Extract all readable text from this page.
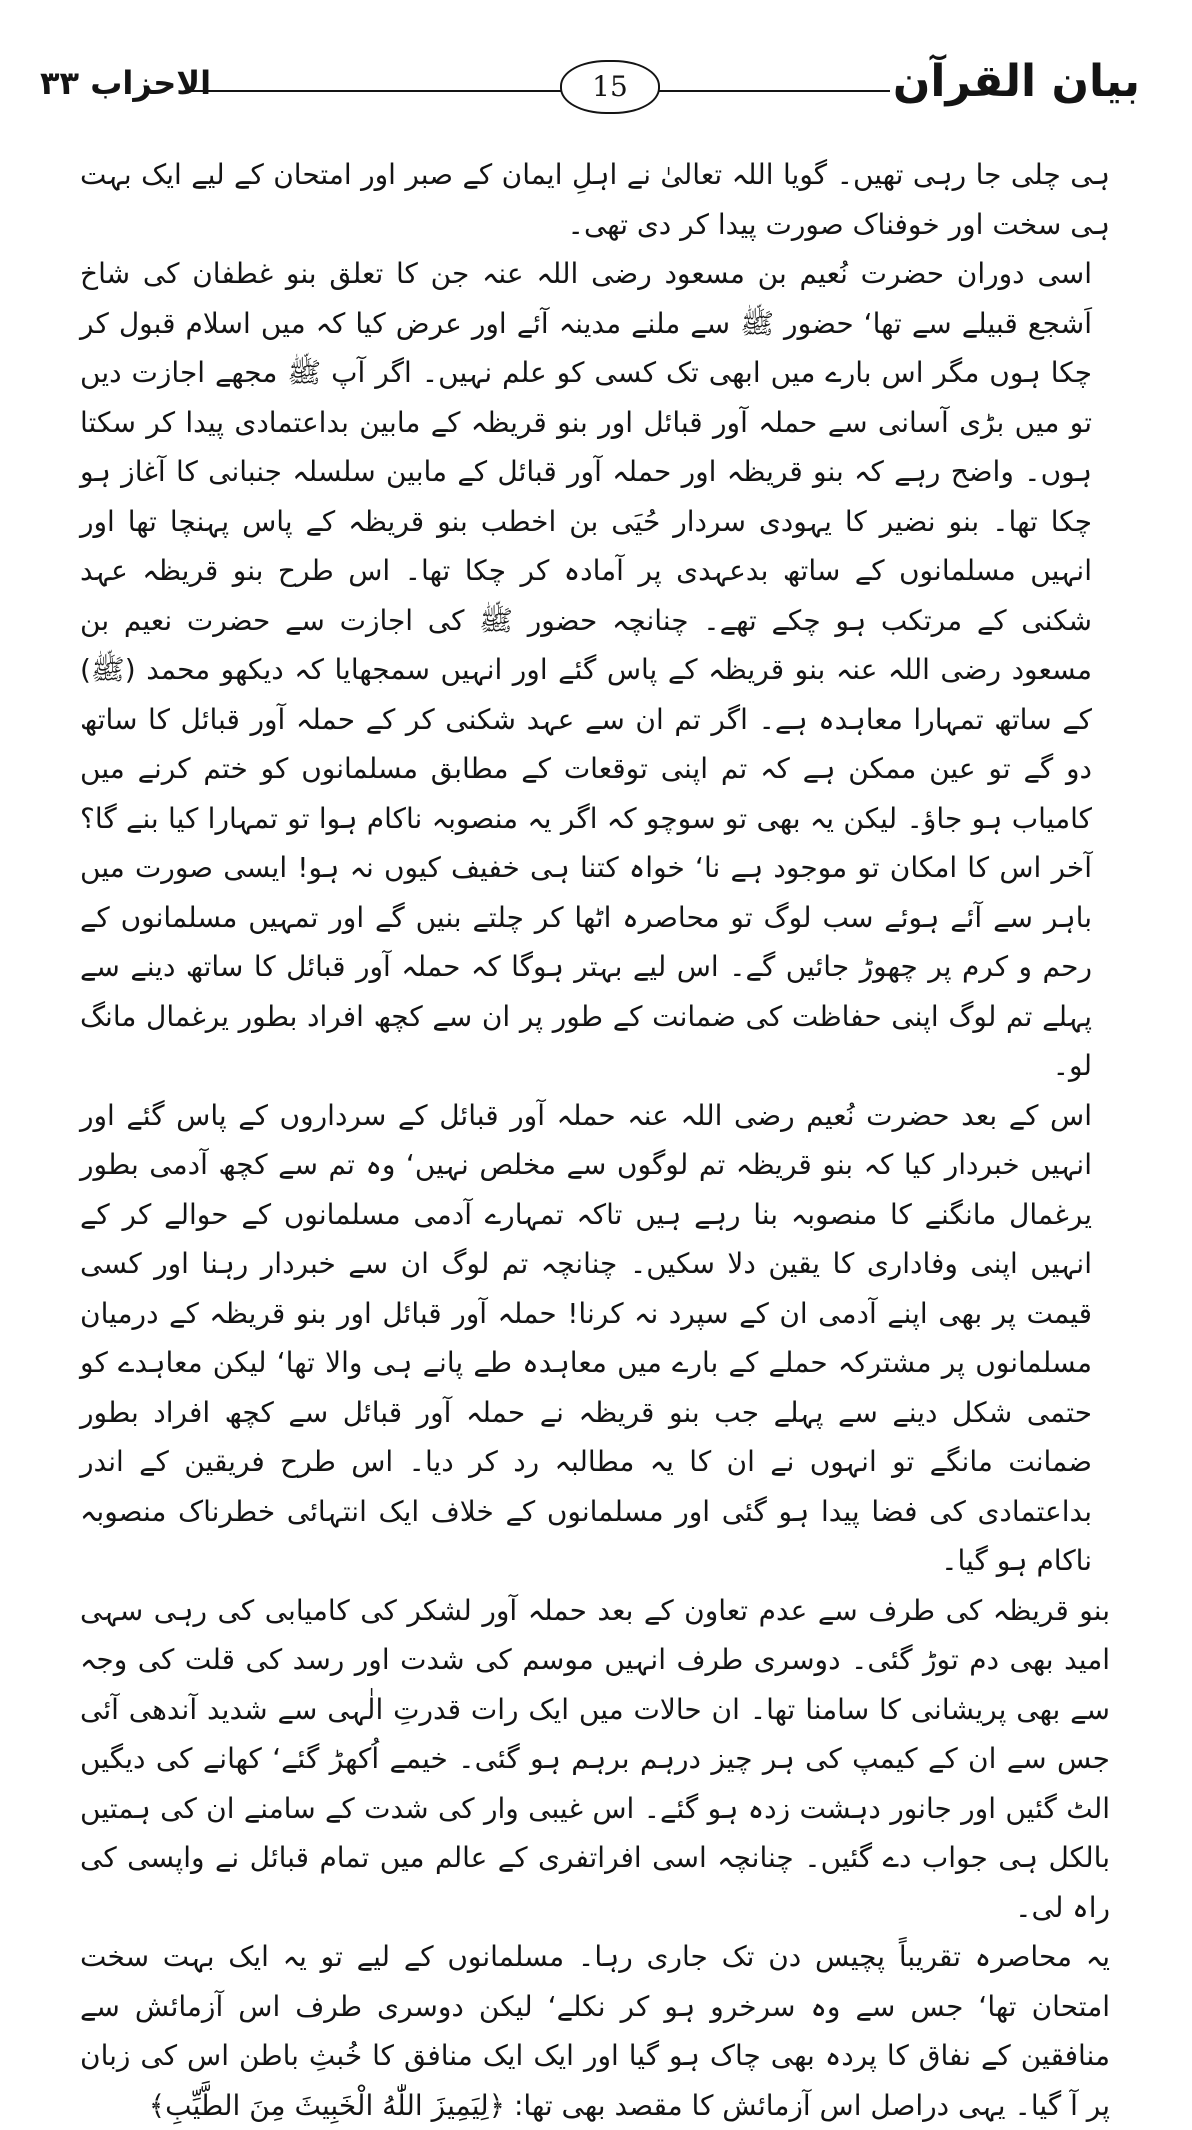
بیان القرآن
15
الاحزاب ۳۳

ہی چلی جا رہی تھیں۔ گویا اللہ تعالیٰ نے اہلِ ایمان کے صبر اور امتحان کے لیے ایک بہت ہی سخت اور خوفناک صورت پیدا کر دی تھی۔

اسی دوران حضرت نُعیم بن مسعود رضی اللہ عنہ جن کا تعلق بنو غطفان کی شاخ اَشجع قبیلے سے تھا‘ حضور ﷺ سے ملنے مدینہ آئے اور عرض کیا کہ میں اسلام قبول کر چکا ہوں مگر اس بارے میں ابھی تک کسی کو علم نہیں۔ اگر آپ ﷺ مجھے اجازت دیں تو میں بڑی آسانی سے حملہ آور قبائل اور بنو قریظہ کے مابین بداعتمادی پیدا کر سکتا ہوں۔ واضح رہے کہ بنو قریظہ اور حملہ آور قبائل کے مابین سلسلہ جنبانی کا آغاز ہو چکا تھا۔ بنو نضیر کا یہودی سردار حُیَی بن اخطب بنو قریظہ کے پاس پہنچا تھا اور انہیں مسلمانوں کے ساتھ بدعہدی پر آمادہ کر چکا تھا۔ اس طرح بنو قریظہ عہد شکنی کے مرتکب ہو چکے تھے۔ چنانچہ حضور ﷺ کی اجازت سے حضرت نعیم بن مسعود رضی اللہ عنہ بنو قریظہ کے پاس گئے اور انہیں سمجھایا کہ دیکھو محمد (ﷺ) کے ساتھ تمہارا معاہدہ ہے۔ اگر تم ان سے عہد شکنی کر کے حملہ آور قبائل کا ساتھ دو گے تو عین ممکن ہے کہ تم اپنی توقعات کے مطابق مسلمانوں کو ختم کرنے میں کامیاب ہو جاؤ۔ لیکن یہ بھی تو سوچو کہ اگر یہ منصوبہ ناکام ہوا تو تمہارا کیا بنے گا؟ آخر اس کا امکان تو موجود ہے نا‘ خواہ کتنا ہی خفیف کیوں نہ ہو! ایسی صورت میں باہر سے آئے ہوئے سب لوگ تو محاصرہ اٹھا کر چلتے بنیں گے اور تمہیں مسلمانوں کے رحم و کرم پر چھوڑ جائیں گے۔ اس لیے بہتر ہوگا کہ حملہ آور قبائل کا ساتھ دینے سے پہلے تم لوگ اپنی حفاظت کی ضمانت کے طور پر ان سے کچھ افراد بطور یرغمال مانگ لو۔

اس کے بعد حضرت نُعیم رضی اللہ عنہ حملہ آور قبائل کے سرداروں کے پاس گئے اور انہیں خبردار کیا کہ بنو قریظہ تم لوگوں سے مخلص نہیں‘ وہ تم سے کچھ آدمی بطور یرغمال مانگنے کا منصوبہ بنا رہے ہیں تاکہ تمہارے آدمی مسلمانوں کے حوالے کر کے انہیں اپنی وفاداری کا یقین دلا سکیں۔ چنانچہ تم لوگ ان سے خبردار رہنا اور کسی قیمت پر بھی اپنے آدمی ان کے سپرد نہ کرنا! حملہ آور قبائل اور بنو قریظہ کے درمیان مسلمانوں پر مشترکہ حملے کے بارے میں معاہدہ طے پانے ہی والا تھا‘ لیکن معاہدے کو حتمی شکل دینے سے پہلے جب بنو قریظہ نے حملہ آور قبائل سے کچھ افراد بطور ضمانت مانگے تو انہوں نے ان کا یہ مطالبہ رد کر دیا۔ اس طرح فریقین کے اندر بداعتمادی کی فضا پیدا ہو گئی اور مسلمانوں کے خلاف ایک انتہائی خطرناک منصوبہ ناکام ہو گیا۔

بنو قریظہ کی طرف سے عدم تعاون کے بعد حملہ آور لشکر کی کامیابی کی رہی سہی امید بھی دم توڑ گئی۔ دوسری طرف انہیں موسم کی شدت اور رسد کی قلت کی وجہ سے بھی پریشانی کا سامنا تھا۔ ان حالات میں ایک رات قدرتِ الٰہی سے شدید آندھی آئی جس سے ان کے کیمپ کی ہر چیز درہم برہم ہو گئی۔ خیمے اُکھڑ گئے‘ کھانے کی دیگیں الٹ گئیں اور جانور دہشت زدہ ہو گئے۔ اس غیبی وار کی شدت کے سامنے ان کی ہمتیں بالکل ہی جواب دے گئیں۔ چنانچہ اسی افراتفری کے عالم میں تمام قبائل نے واپسی کی راہ لی۔

یہ محاصرہ تقریباً پچیس دن تک جاری رہا۔ مسلمانوں کے لیے تو یہ ایک بہت سخت امتحان تھا‘ جس سے وہ سرخرو ہو کر نکلے‘ لیکن دوسری طرف اس آزمائش سے منافقین کے نفاق کا پردہ بھی چاک ہو گیا اور ایک ایک منافق کا خُبثِ باطن اس کی زبان پر آ گیا۔ یہی دراصل اس آزمائش کا مقصد بھی تھا: ﴿لِيَمِيزَ اللّٰهُ الْخَبِيثَ مِنَ الطَّيِّبِ﴾
